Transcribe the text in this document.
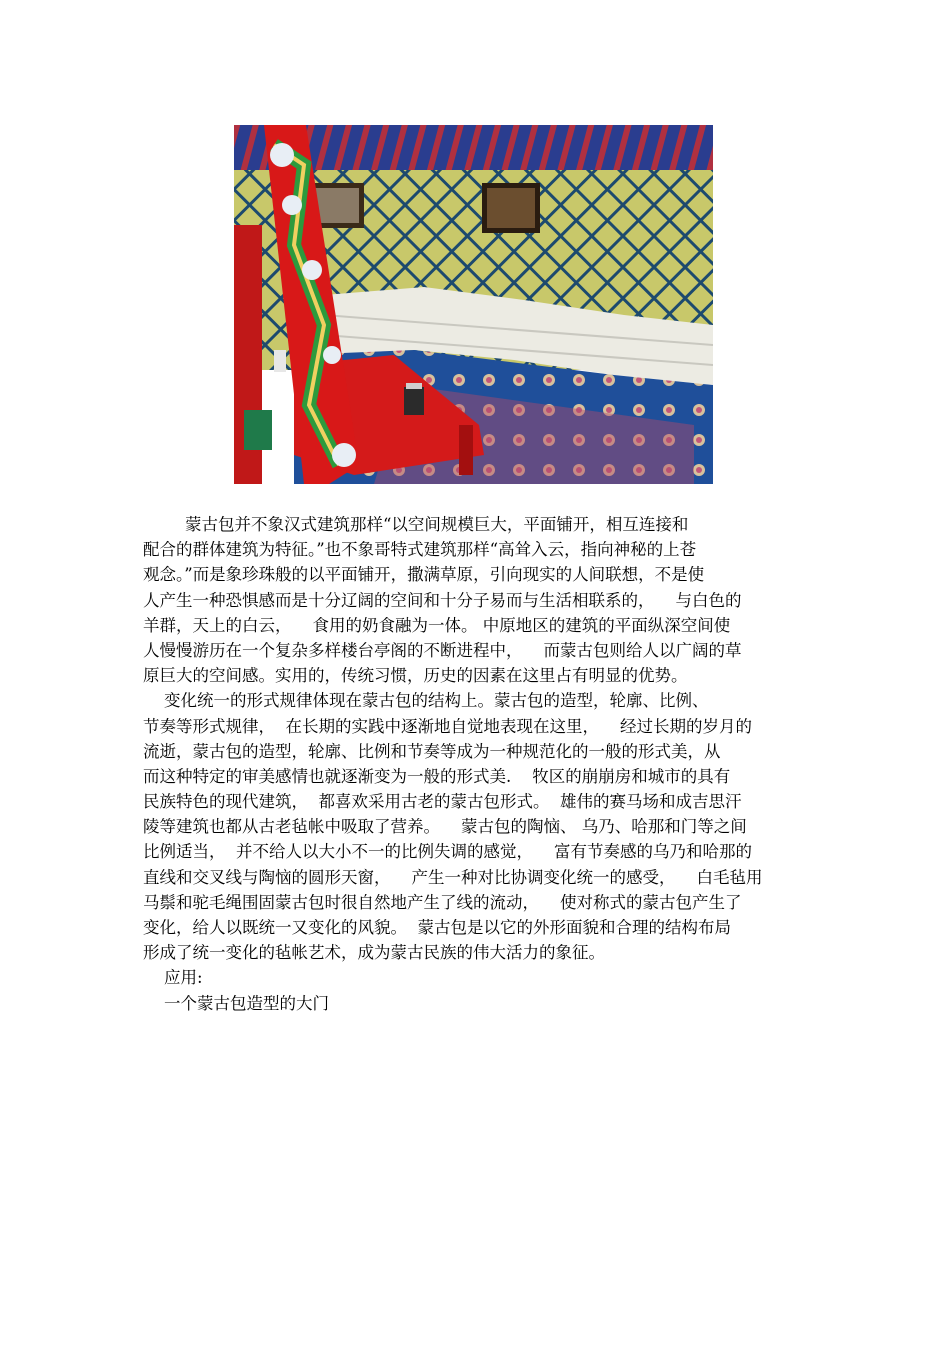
蒙古包并不象汉式建筑那样“以空间规模巨大，平面铺开，相互连接和
配合的群体建筑为特征。”也不象哥特式建筑那样“高耸入云，指向神秘的上苍
观念。”而是象珍珠般的以平面铺开，撒满草原，引向现实的人间联想，不是使
人产生一种恐惧感而是十分辽阔的空间和十分子易而与生活相联系的，    与白色的
羊群，天上的白云，    食用的奶食融为一体。 中原地区的建筑的平面纵深空间使
人慢慢游历在一个复杂多样楼台亭阁的不断进程中，    而蒙古包则给人以广阔的草
原巨大的空间感。实用的，传统习惯，历史的因素在这里占有明显的优势。
变化统一的形式规律体现在蒙古包的结构上。蒙古包的造型，轮廓、比例、
节奏等形式规律，  在长期的实践中逐渐地自觉地表现在这里，    经过长期的岁月的
流逝，蒙古包的造型，轮廓、比例和节奏等成为一种规范化的一般的形式美，从
而这种特定的审美感情也就逐渐变为一般的形式美.    牧区的崩崩房和城市的具有
民族特色的现代建筑，  都喜欢采用古老的蒙古包形式。  雄伟的赛马场和成吉思汗
陵等建筑也都从古老毡帐中吸取了营养。    蒙古包的陶恼、 乌乃、哈那和门等之间
比例适当，  并不给人以大小不一的比例失调的感觉，    富有节奏感的乌乃和哈那的
直线和交叉线与陶恼的圆形天窗，    产生一种对比协调变化统一的感受，    白毛毡用
马鬃和驼毛绳围固蒙古包时很自然地产生了线的流动，    使对称式的蒙古包产生了
变化，给人以既统一又变化的风貌。  蒙古包是以它的外形面貌和合理的结构布局
形成了统一变化的毡帐艺术，成为蒙古民族的伟大活力的象征。
应用:
一个蒙古包造型的大门
